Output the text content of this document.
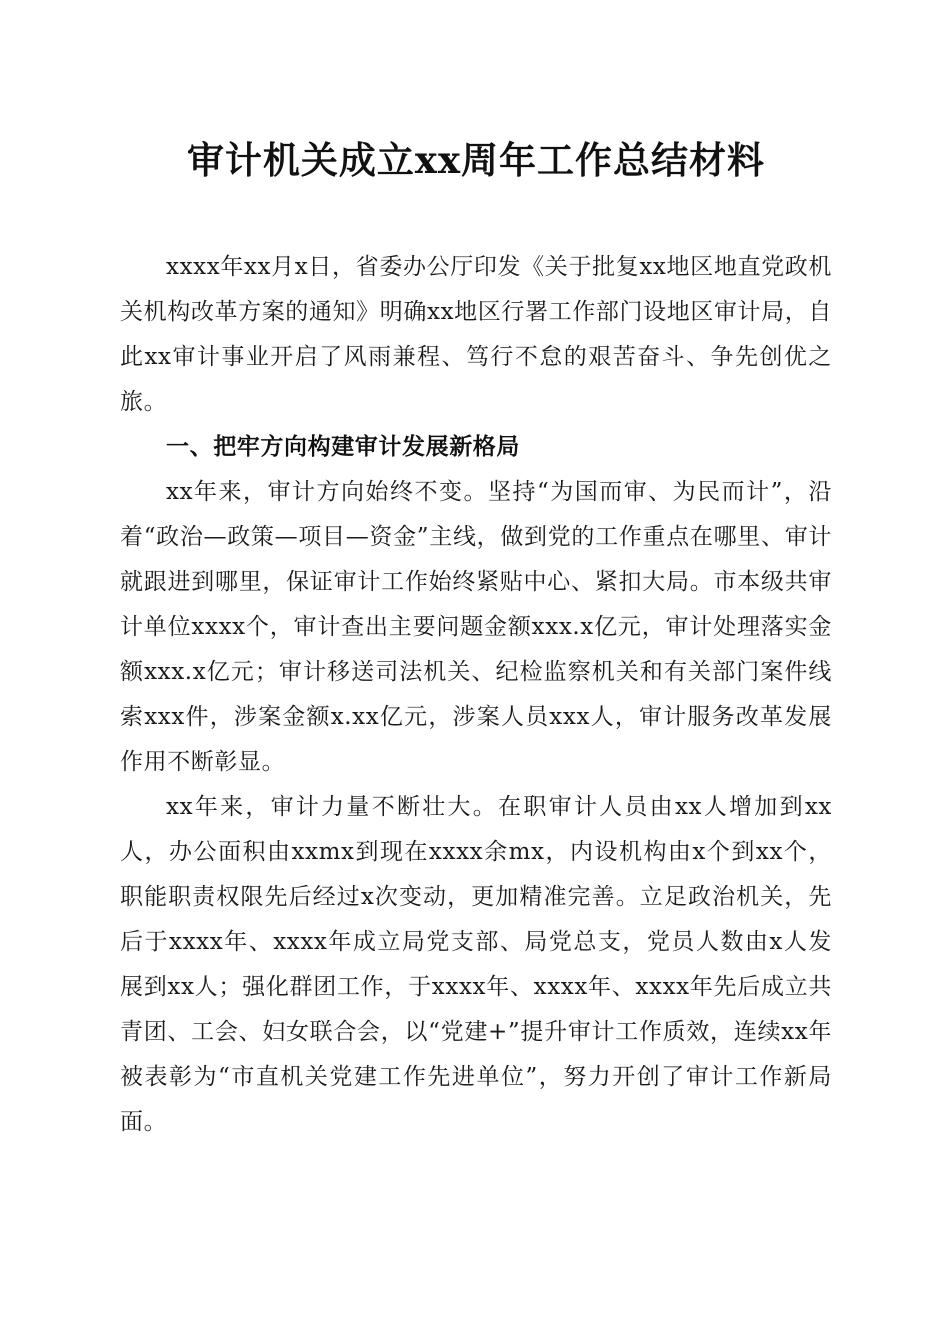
审计机关成立xx周年工作总结材料

xxxx年xx月x日，省委办公厅印发《关于批复xx地区地直党政机关机构改革方案的通知》明确xx地区行署工作部门设地区审计局，自此xx审计事业开启了风雨兼程、笃行不怠的艰苦奋斗、争先创优之旅。

一、把牢方向构建审计发展新格局

xx年来，审计方向始终不变。坚持“为国而审、为民而计”，沿着“政治—政策—项目—资金”主线，做到党的工作重点在哪里、审计就跟进到哪里，保证审计工作始终紧贴中心、紧扣大局。市本级共审计单位xxxx个，审计查出主要问题金额xxx.x亿元，审计处理落实金额xxx.x亿元；审计移送司法机关、纪检监察机关和有关部门案件线索xxx件，涉案金额x.xx亿元，涉案人员xxx人，审计服务改革发展作用不断彰显。

xx年来，审计力量不断壮大。在职审计人员由xx人增加到xx人，办公面积由xxmx到现在xxxx余mx，内设机构由x个到xx个，职能职责权限先后经过x次变动，更加精准完善。立足政治机关，先后于xxxx年、xxxx年成立局党支部、局党总支，党员人数由x人发展到xx人；强化群团工作，于xxxx年、xxxx年、xxxx年先后成立共青团、工会、妇女联合会，以“党建+”提升审计工作质效，连续xx年被表彰为“市直机关党建工作先进单位”，努力开创了审计工作新局面。
